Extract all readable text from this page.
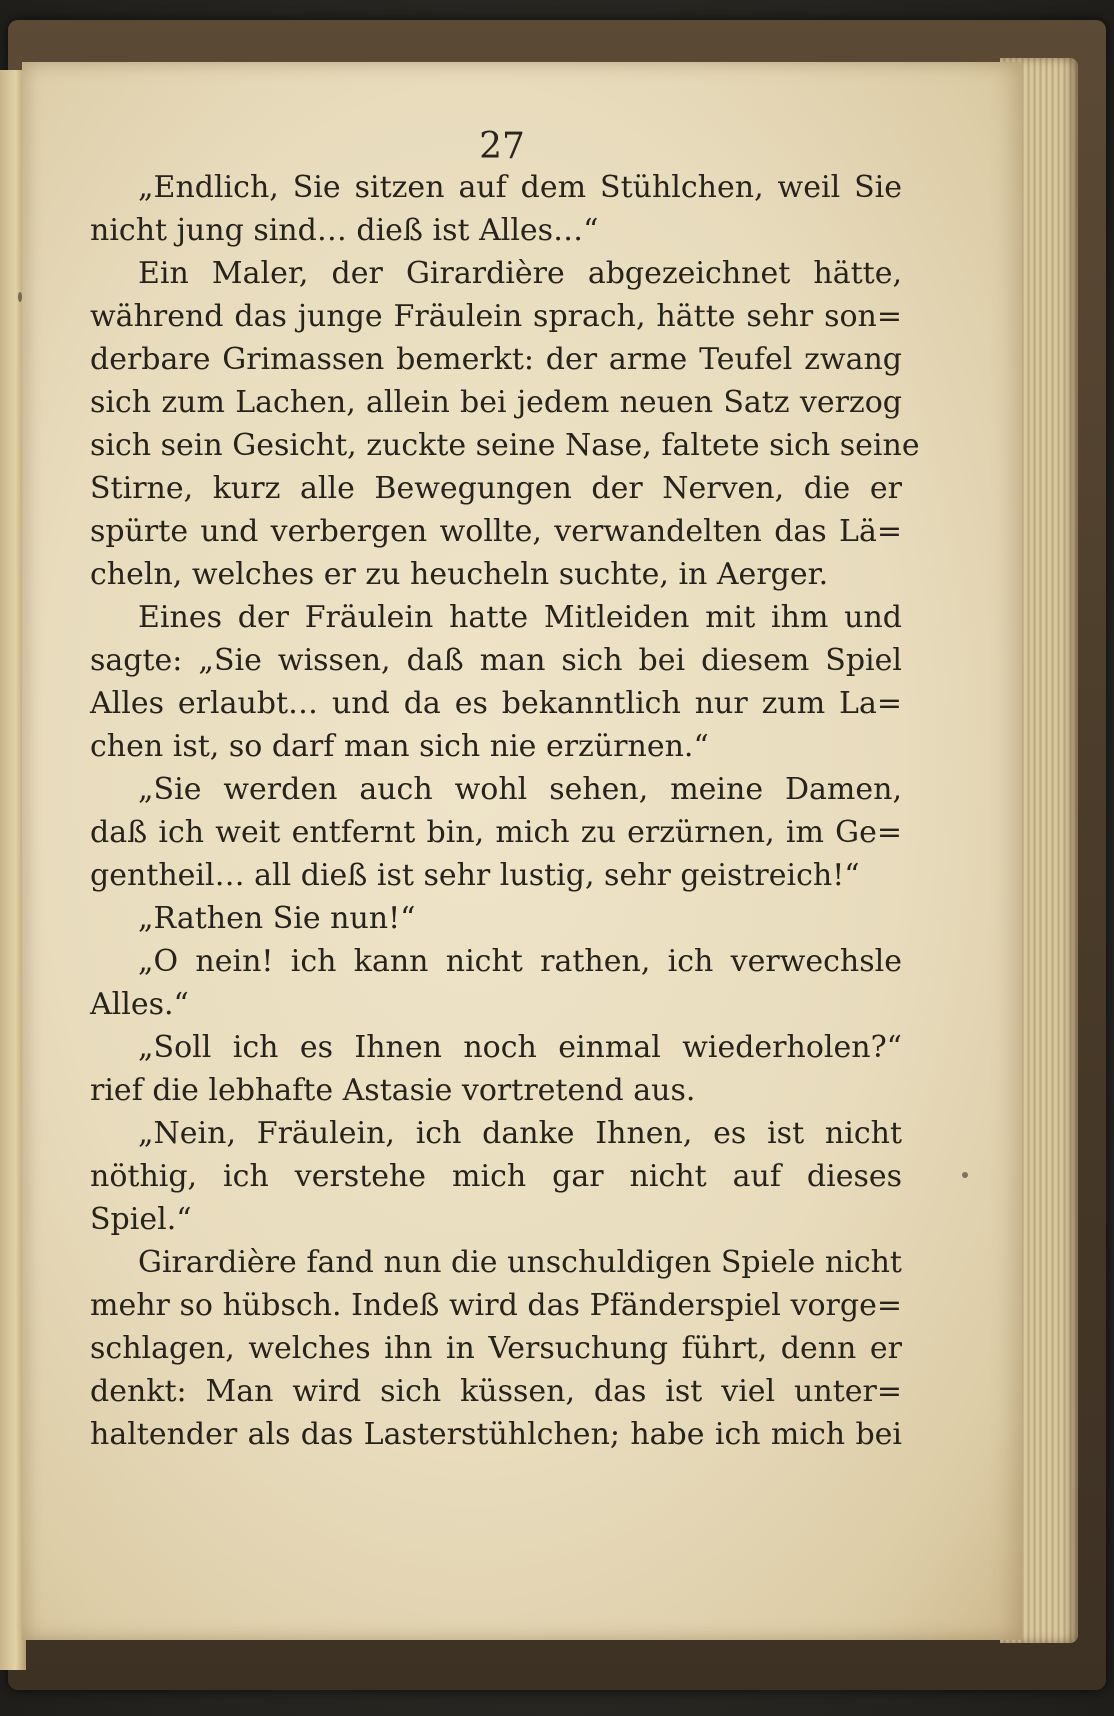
27
„Endlich, Sie sitzen auf dem Stühlchen, weil Sie
nicht jung sind… dieß ist Alles…“
Ein Maler, der Girardière abgezeichnet hätte,
während das junge Fräulein sprach, hätte sehr son=
derbare Grimassen bemerkt: der arme Teufel zwang
sich zum Lachen, allein bei jedem neuen Satz verzog
sich sein Gesicht, zuckte seine Nase, faltete sich seine
Stirne, kurz alle Bewegungen der Nerven, die er
spürte und verbergen wollte, verwandelten das Lä=
cheln, welches er zu heucheln suchte, in Aerger.
Eines der Fräulein hatte Mitleiden mit ihm und
sagte: „Sie wissen, daß man sich bei diesem Spiel
Alles erlaubt… und da es bekanntlich nur zum La=
chen ist, so darf man sich nie erzürnen.“
„Sie werden auch wohl sehen, meine Damen,
daß ich weit entfernt bin, mich zu erzürnen, im Ge=
gentheil… all dieß ist sehr lustig, sehr geistreich!“
„Rathen Sie nun!“
„O nein! ich kann nicht rathen, ich verwechsle
Alles.“
„Soll ich es Ihnen noch einmal wiederholen?“
rief die lebhafte Astasie vortretend aus.
„Nein, Fräulein, ich danke Ihnen, es ist nicht
nöthig, ich verstehe mich gar nicht auf dieses
Spiel.“
Girardière fand nun die unschuldigen Spiele nicht
mehr so hübsch. Indeß wird das Pfänderspiel vorge=
schlagen, welches ihn in Versuchung führt, denn er
denkt: Man wird sich küssen, das ist viel unter=
haltender als das Lasterstühlchen; habe ich mich bei
